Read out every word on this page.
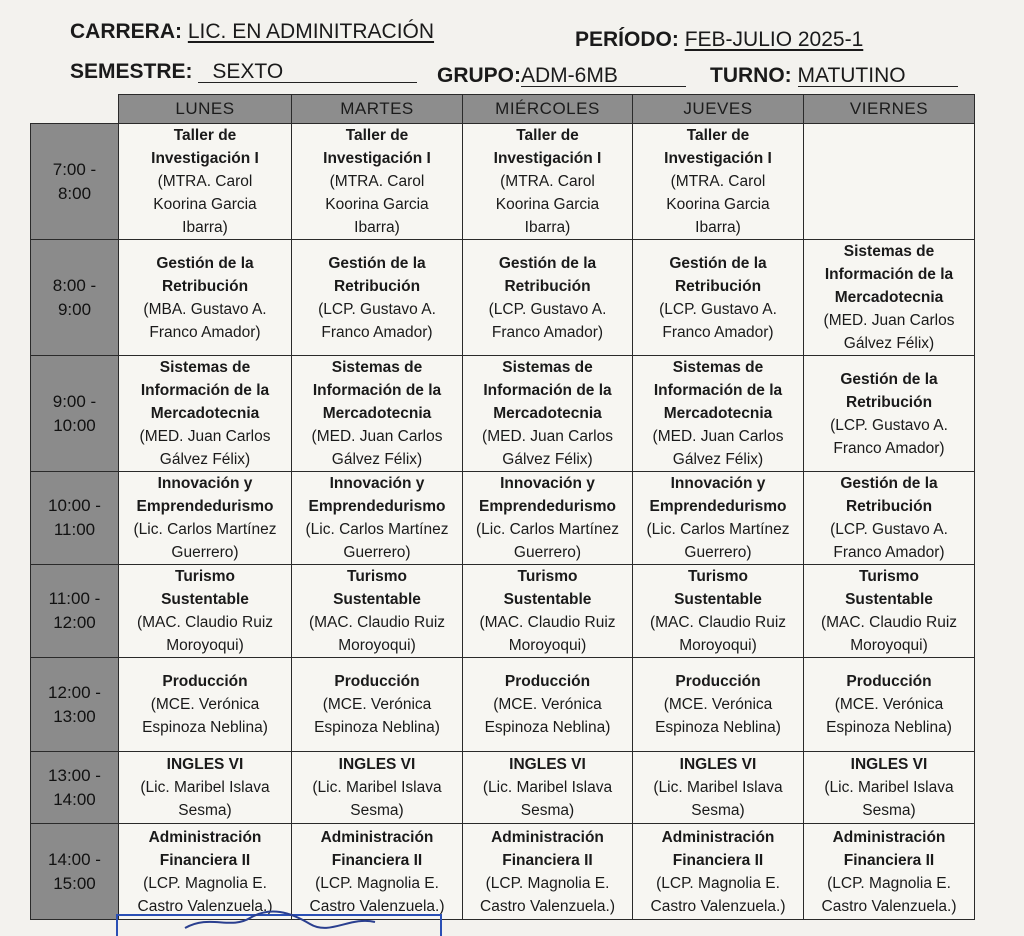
CARRERA: LIC. EN ADMINITRACIÓN	PERÍODO: FEB-JULIO 2025-1
SEMESTRE: SEXTO	GRUPO:ADM-6MB	TURNO: MATUTINO
	LUNES	MARTES	MIÉRCOLES	JUEVES	VIERNES

7:00 -
8:00	Taller de
Investigación I
(MTRA. Carol
Koorina Garcia
Ibarra)	Taller de
Investigación I
(MTRA. Carol
Koorina Garcia
Ibarra)	Taller de
Investigación I
(MTRA. Carol
Koorina Garcia
Ibarra)	Taller de
Investigación I
(MTRA. Carol
Koorina Garcia
Ibarra)	

8:00 -
9:00	Gestión de la
Retribución
(MBA. Gustavo A.
Franco Amador)	Gestión de la
Retribución
(LCP. Gustavo A.
Franco Amador)	Gestión de la
Retribución
(LCP. Gustavo A.
Franco Amador)	Gestión de la
Retribución
(LCP. Gustavo A.
Franco Amador)	Sistemas de
Información de la
Mercadotecnia
(MED. Juan Carlos
Gálvez Félix)

9:00 -
10:00	Sistemas de
Información de la
Mercadotecnia
(MED. Juan Carlos
Gálvez Félix)	Sistemas de
Información de la
Mercadotecnia
(MED. Juan Carlos
Gálvez Félix)	Sistemas de
Información de la
Mercadotecnia
(MED. Juan Carlos
Gálvez Félix)	Sistemas de
Información de la
Mercadotecnia
(MED. Juan Carlos
Gálvez Félix)	Gestión de la
Retribución
(LCP. Gustavo A.
Franco Amador)

10:00 -
11:00	Innovación y
Emprendedurismo
(Lic. Carlos Martínez
Guerrero)	Innovación y
Emprendedurismo
(Lic. Carlos Martínez
Guerrero)	Innovación y
Emprendedurismo
(Lic. Carlos Martínez
Guerrero)	Innovación y
Emprendedurismo
(Lic. Carlos Martínez
Guerrero)	Gestión de la
Retribución
(LCP. Gustavo A.
Franco Amador)

11:00 -
12:00	Turismo
Sustentable
(MAC. Claudio Ruiz
Moroyoqui)	Turismo
Sustentable
(MAC. Claudio Ruiz
Moroyoqui)	Turismo
Sustentable
(MAC. Claudio Ruiz
Moroyoqui)	Turismo
Sustentable
(MAC. Claudio Ruiz
Moroyoqui)	Turismo
Sustentable
(MAC. Claudio Ruiz
Moroyoqui)

12:00 -
13:00	Producción
(MCE. Verónica
Espinoza Neblina)	Producción
(MCE. Verónica
Espinoza Neblina)	Producción
(MCE. Verónica
Espinoza Neblina)	Producción
(MCE. Verónica
Espinoza Neblina)	Producción
(MCE. Verónica
Espinoza Neblina)

13:00 -
14:00	INGLES VI
(Lic. Maribel Islava
Sesma)	INGLES VI
(Lic. Maribel Islava
Sesma)	INGLES VI
(Lic. Maribel Islava
Sesma)	INGLES VI
(Lic. Maribel Islava
Sesma)	INGLES VI
(Lic. Maribel Islava
Sesma)

14:00 -
15:00	Administración
Financiera II
(LCP. Magnolia E.
Castro Valenzuela.)	Administración
Financiera II
(LCP. Magnolia E.
Castro Valenzuela.)	Administración
Financiera II
(LCP. Magnolia E.
Castro Valenzuela.)	Administración
Financiera II
(LCP. Magnolia E.
Castro Valenzuela.)	Administración
Financiera II
(LCP. Magnolia E.
Castro Valenzuela.)
